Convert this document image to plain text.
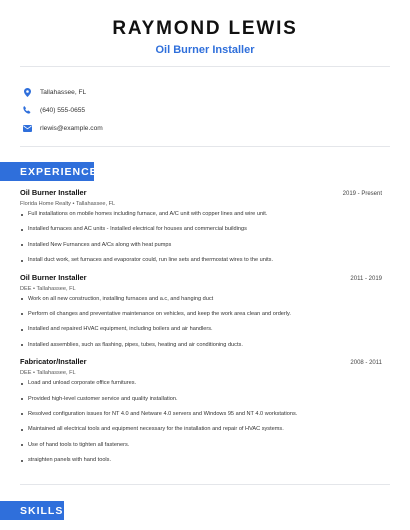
RAYMOND LEWIS
Oil Burner Installer
Tallahassee, FL
(640) 555-0655
rlewis@example.com
EXPERIENCE
Oil Burner Installer	2019 - Present
Florida Home Realty • Tallahassee, FL
Full installations on mobile homes including furnace, and A/C unit with copper lines and wire unit.
Installed furnaces and AC units - Installed electrical for houses and commercial buildings
Installed New Furnances and A/Cs along with heat pumps
Install duct work, set furnaces and evaporator could, run line sets and thermostat wires to the units.
Oil Burner Installer	2011 - 2019
DEE • Tallahassee, FL
Work on all new construction, installing furnaces and a.c, and hanging duct
Perform oil changes and preventative maintenance on vehicles, and keep the work area clean and orderly.
Installed and repaired HVAC equipment, including boilers and air handlers.
Installed assemblies, such as flashing, pipes, tubes, heating and air conditioning ducts.
Fabricator/Installer	2008 - 2011
DEE • Tallahassee, FL
Load and unload corporate office furnitures.
Provided high-level customer service and quality installation.
Resolved configuration issues for NT 4.0 and Netware 4.0 servers and Windows 95 and NT 4.0 workstations.
Maintained all electrical tools and equipment necessary for the installation and repair of HVAC systems.
Use of hand tools to tighten all fasteners.
straighten panels with hand tools.
SKILLS
